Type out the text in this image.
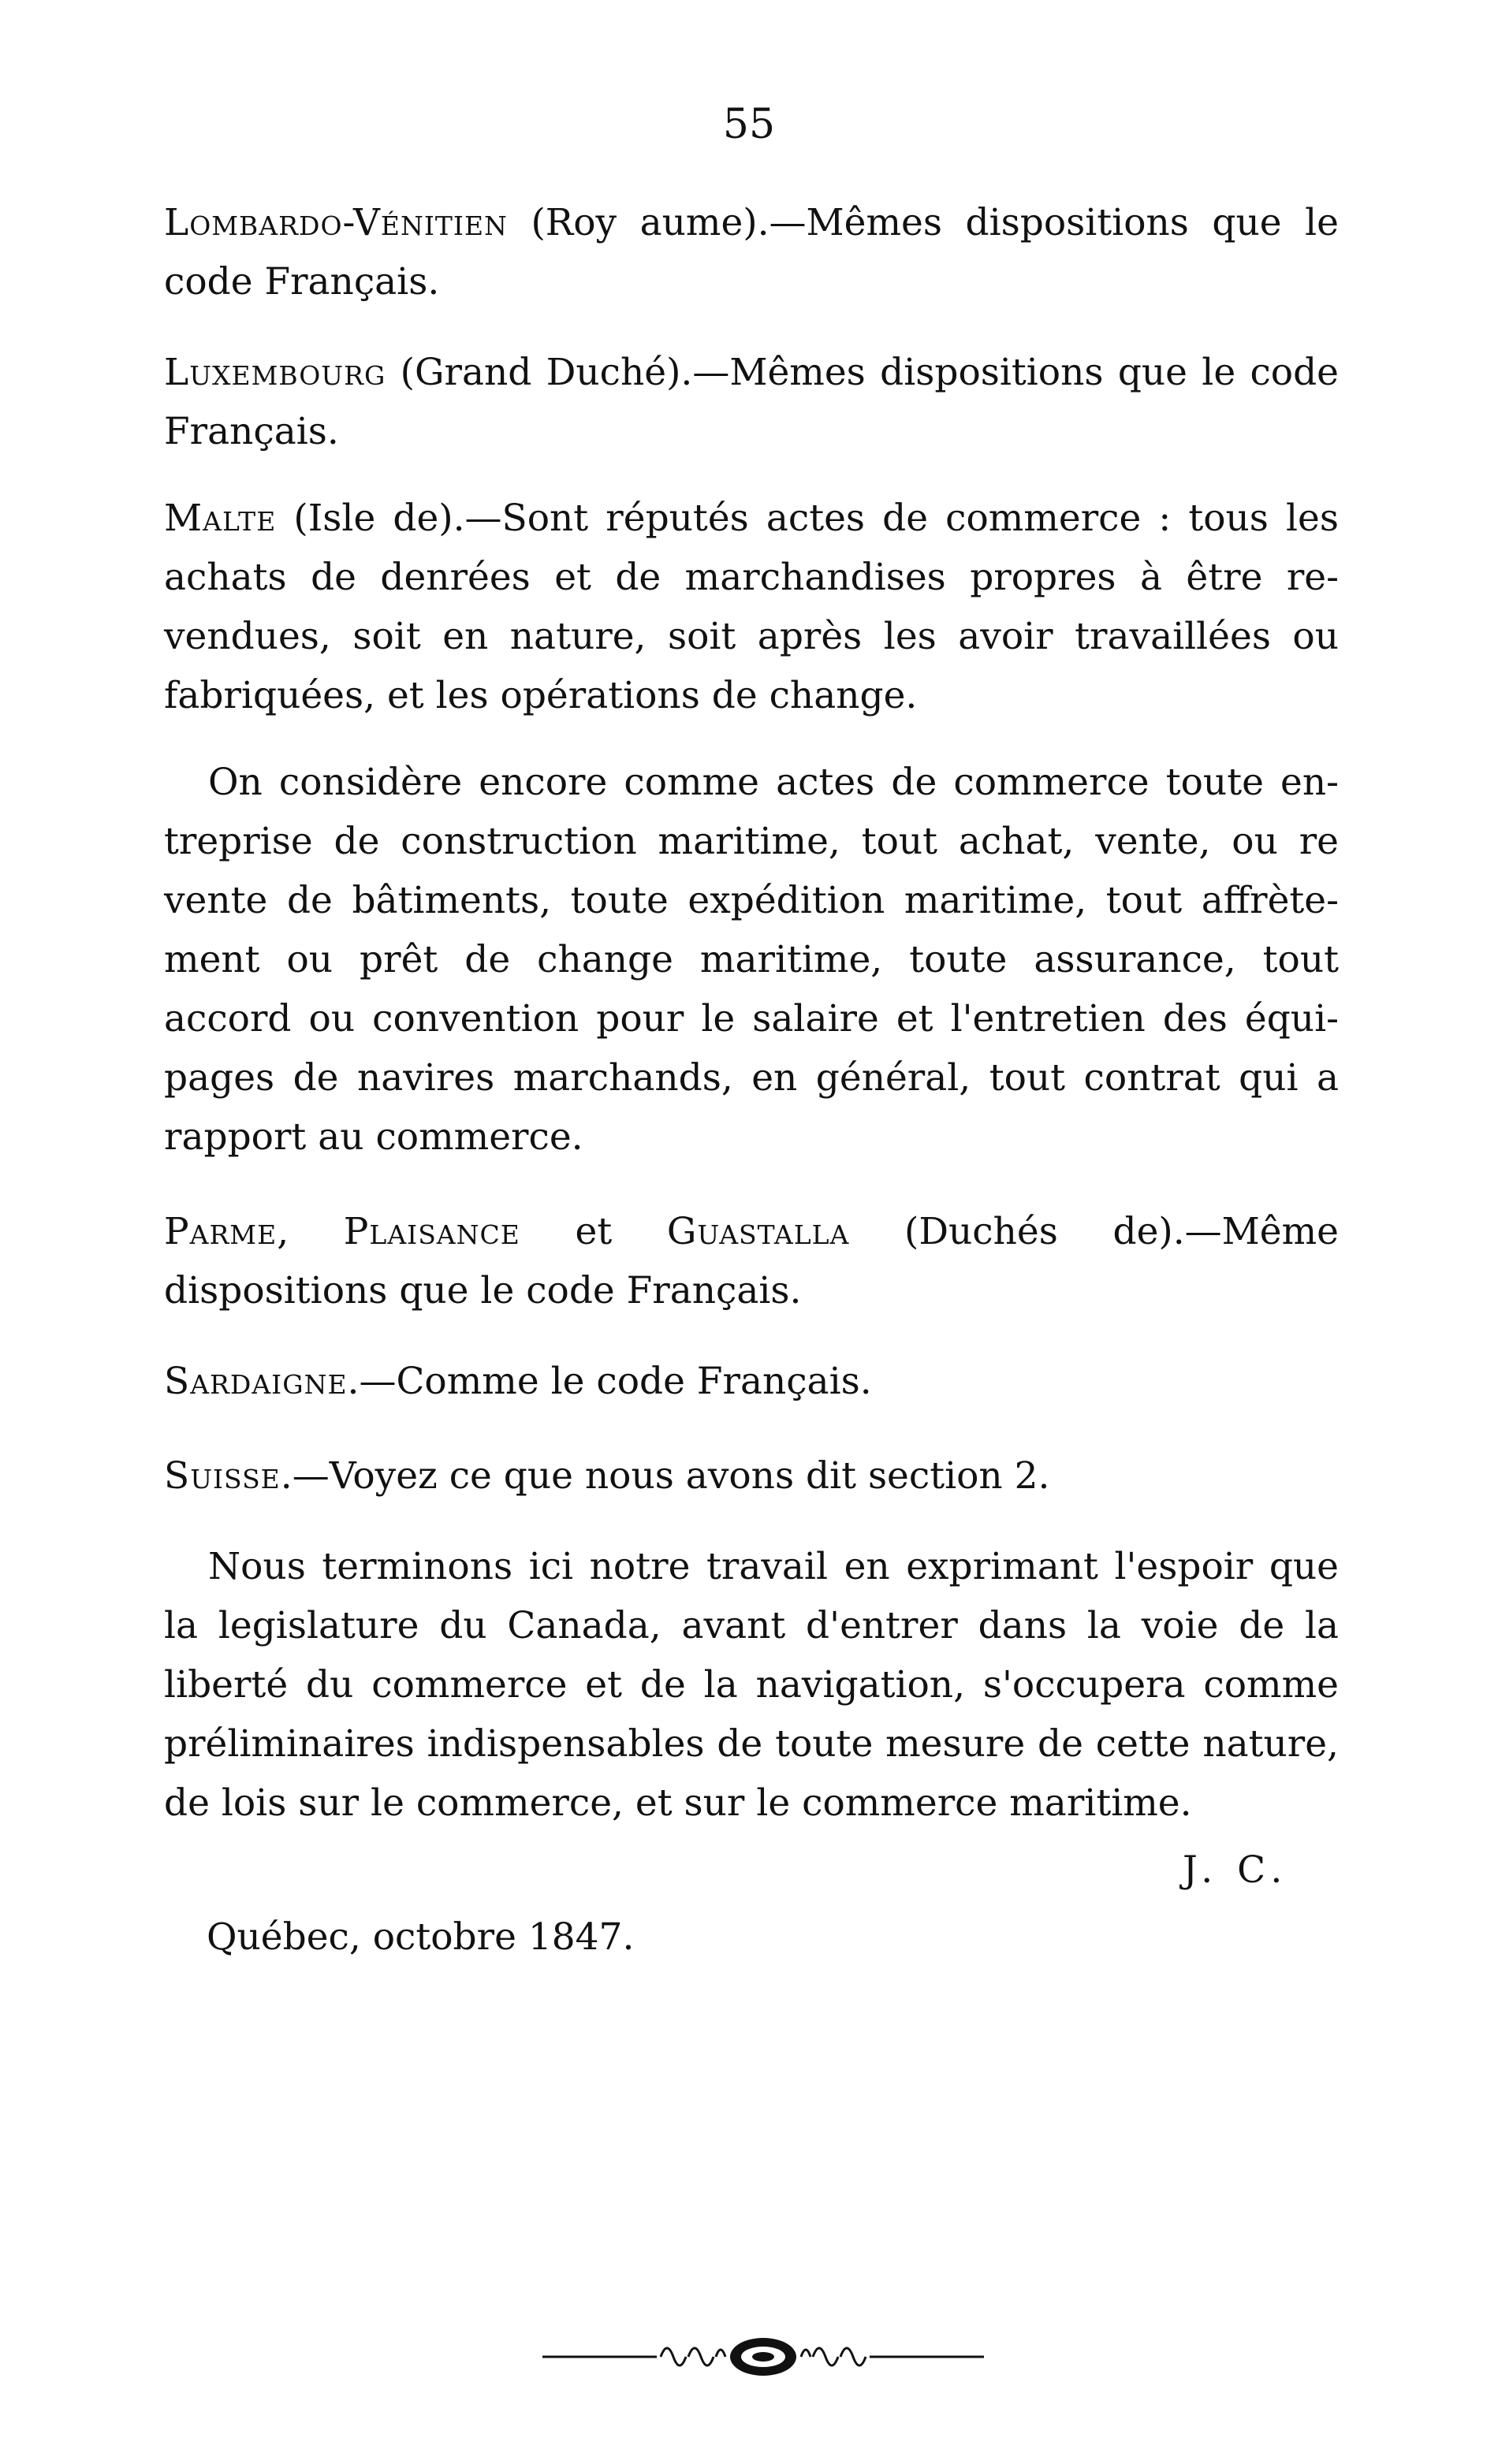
55

Lombardo-Vénitien (Roy aume).—Mêmes dispositions que le code Français.

Luxembourg (Grand Duché).—Mêmes dispositions que le code Français.

Malte (Isle de).—Sont réputés actes de commerce : tous les achats de denrées et de marchandises propres à être re-vendues, soit en nature, soit après les avoir travaillées ou fabriquées, et les opérations de change.

On considère encore comme actes de commerce toute en-treprise de construction maritime, tout achat, vente, ou re vente de bâtiments, toute expédition maritime, tout affrète-ment ou prêt de change maritime, toute assurance, tout accord ou convention pour le salaire et l'entretien des équi-pages de navires marchands, en général, tout contrat qui a rapport au commerce.

Parme, Plaisance et Guastalla (Duchés de).—Même dispositions que le code Français.

Sardaigne.—Comme le code Français.

Suisse.—Voyez ce que nous avons dit section 2.

Nous terminons ici notre travail en exprimant l'espoir que la legislature du Canada, avant d'entrer dans la voie de la liberté du commerce et de la navigation, s'occupera comme préliminaires indispensables de toute mesure de cette nature, de lois sur le commerce, et sur le commerce maritime.

J. C.
Québec, octobre 1847.
